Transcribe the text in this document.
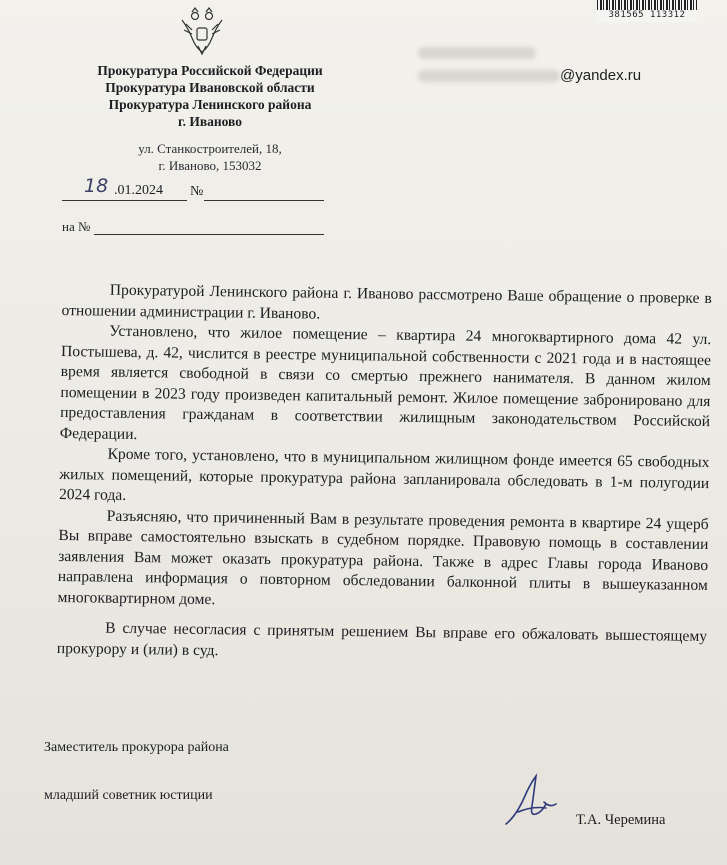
381565 113312
Прокуратура Российской Федерации
Прокуратура Ивановской области
Прокуратура Ленинского района
г. Иваново
ул. Станкостроителей, 18,
г. Иваново, 153032
18 .01.2024 №
на №
@yandex.ru

Прокуратурой Ленинского района г. Иваново рассмотрено Ваше обращение о проверке в отношении администрации г. Иваново.

Установлено, что жилое помещение – квартира 24 многоквартирного дома 42 ул. Постышева, д. 42, числится в реестре муниципальной собственности с 2021 года и в настоящее время является свободной в связи со смертью прежнего нанимателя. В данном жилом помещении в 2023 году произведен капитальный ремонт. Жилое помещение забронировано для предоставления гражданам в соответствии жилищным законодательством Российской Федерации.

Кроме того, установлено, что в муниципальном жилищном фонде имеется 65 свободных жилых помещений, которые прокуратура района запланировала обследовать в 1-м полугодии 2024 года.

Разъясняю, что причиненный Вам в результате проведения ремонта в квартире 24 ущерб Вы вправе самостоятельно взыскать в судебном порядке. Правовую помощь в составлении заявления Вам может оказать прокуратура района. Также в адрес Главы города Иваново направлена информация о повторном обследовании балконной плиты в вышеуказанном многоквартирном доме.

В случае несогласия с принятым решением Вы вправе его обжаловать вышестоящему прокурору и (или) в суд.

Заместитель прокурора района
младший советник юстиции
Т.А. Черемина
